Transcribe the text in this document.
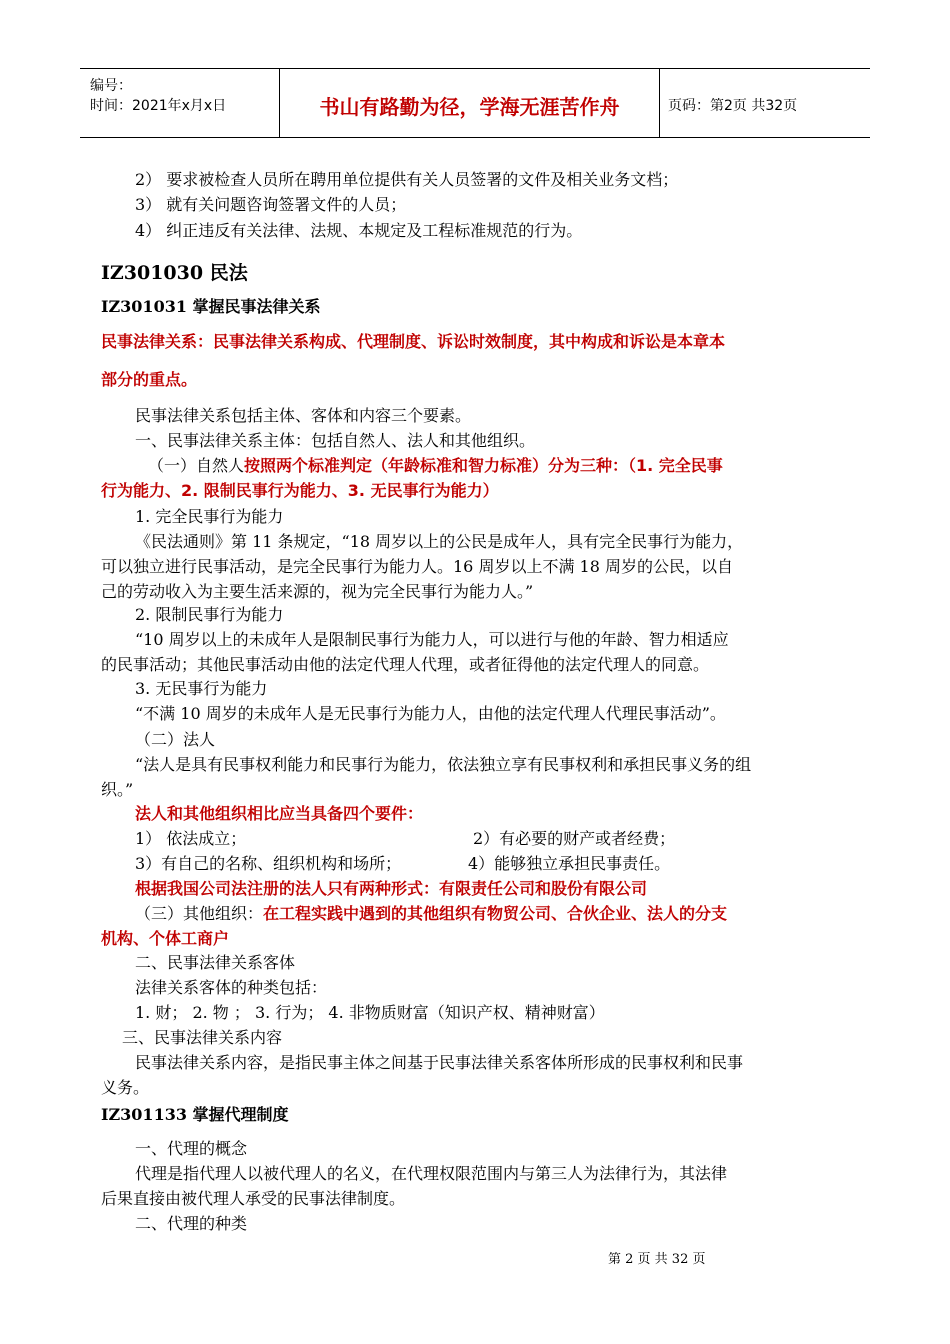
编号：
时间：2021年x月x日	书山有路勤为径，学海无涯苦作舟	页码：第2页 共32页
2） 要求被检查人员所在聘用单位提供有关人员签署的文件及相关业务文档；
3） 就有关问题咨询签署文件的人员；
4） 纠正违反有关法律、法规、本规定及工程标准规范的行为。
IZ301030 民法
IZ301031 掌握民事法律关系
民事法律关系：民事法律关系构成、代理制度、诉讼时效制度，其中构成和诉讼是本章本
部分的重点。
民事法律关系包括主体、客体和内容三个要素。
一、民事法律关系主体：包括自然人、法人和其他组织。
（一）自然人按照两个标准判定（年龄标准和智力标准）分为三种：（1. 完全民事
行为能力、2. 限制民事行为能力、3. 无民事行为能力）
1. 完全民事行为能力
《民法通则》第 11 条规定，“18 周岁以上的公民是成年人，具有完全民事行为能力，
可以独立进行民事活动，是完全民事行为能力人。16 周岁以上不满 18 周岁的公民，以自
己的劳动收入为主要生活来源的，视为完全民事行为能力人。”
2. 限制民事行为能力
“10 周岁以上的未成年人是限制民事行为能力人，可以进行与他的年龄、智力相适应
的民事活动；其他民事活动由他的法定代理人代理，或者征得他的法定代理人的同意。
3. 无民事行为能力
“不满 10 周岁的未成年人是无民事行为能力人，由他的法定代理人代理民事活动”。
（二）法人
“法人是具有民事权利能力和民事行为能力，依法独立享有民事权利和承担民事义务的组
织。”
法人和其他组织相比应当具备四个要件：
1） 依法成立；	2）有必要的财产或者经费；
3）有自己的名称、组织机构和场所；	4）能够独立承担民事责任。
根据我国公司法注册的法人只有两种形式：有限责任公司和股份有限公司
（三）其他组织：在工程实践中遇到的其他组织有物贸公司、合伙企业、法人的分支
机构、个体工商户
二、民事法律关系客体
法律关系客体的种类包括：
1. 财； 2. 物 ； 3. 行为； 4. 非物质财富（知识产权、精神财富）
三、民事法律关系内容
民事法律关系内容，是指民事主体之间基于民事法律关系客体所形成的民事权利和民事
义务。
IZ301133 掌握代理制度
一、代理的概念
代理是指代理人以被代理人的名义，在代理权限范围内与第三人为法律行为，其法律
后果直接由被代理人承受的民事法律制度。
二、代理的种类
第 2 页 共 32 页
